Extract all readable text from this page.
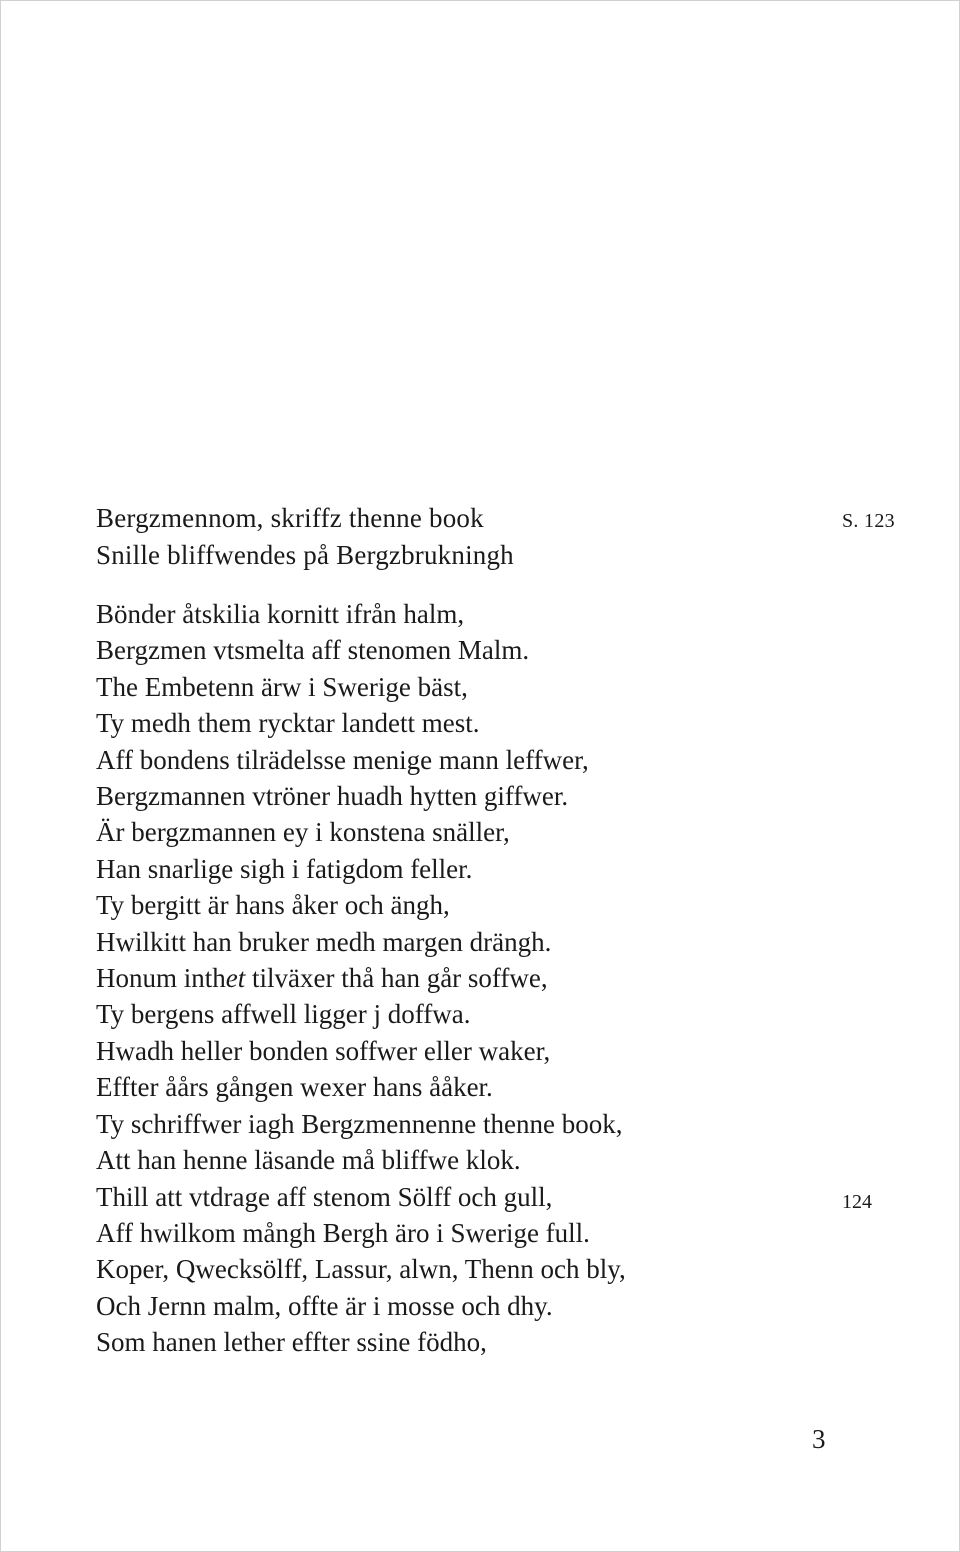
Bergzmennom, skriffz thenne book
Snille bliffwendes på Bergzbrukningh
S. 123
124
Bönder åtskilia kornitt ifrån halm,
Bergzmen vtsmelta aff stenomen Malm.
The Embetenn ärw i Swerige bäst,
Ty medh them rycktar landett mest.
Aff bondens tilrädelsse menige mann leffwer,
Bergzmannen vtröner huadh hytten giffwer.
Är bergzmannen ey i konstena snäller,
Han snarlige sigh i fatigdom feller.
Ty bergitt är hans åker och ängh,
Hwilkitt han bruker medh margen drängh.
Honum inthet tilväxer thå han går soffwe,
Ty bergens affwell ligger j doffwa.
Hwadh heller bonden soffwer eller waker,
Effter åårs gången wexer hans ååker.
Ty schriffwer iagh Bergzmennenne thenne book,
Att han henne läsande må bliffwe klok.
Thill att vtdrage aff stenom Sölff och gull,
Aff hwilkom mångh Bergh äro i Swerige full.
Koper, Qwecksölff, Lassur, alwn, Thenn och bly,
Och Jernn malm, offte är i mosse och dhy.
Som hanen lether effter ssine födho,
3
